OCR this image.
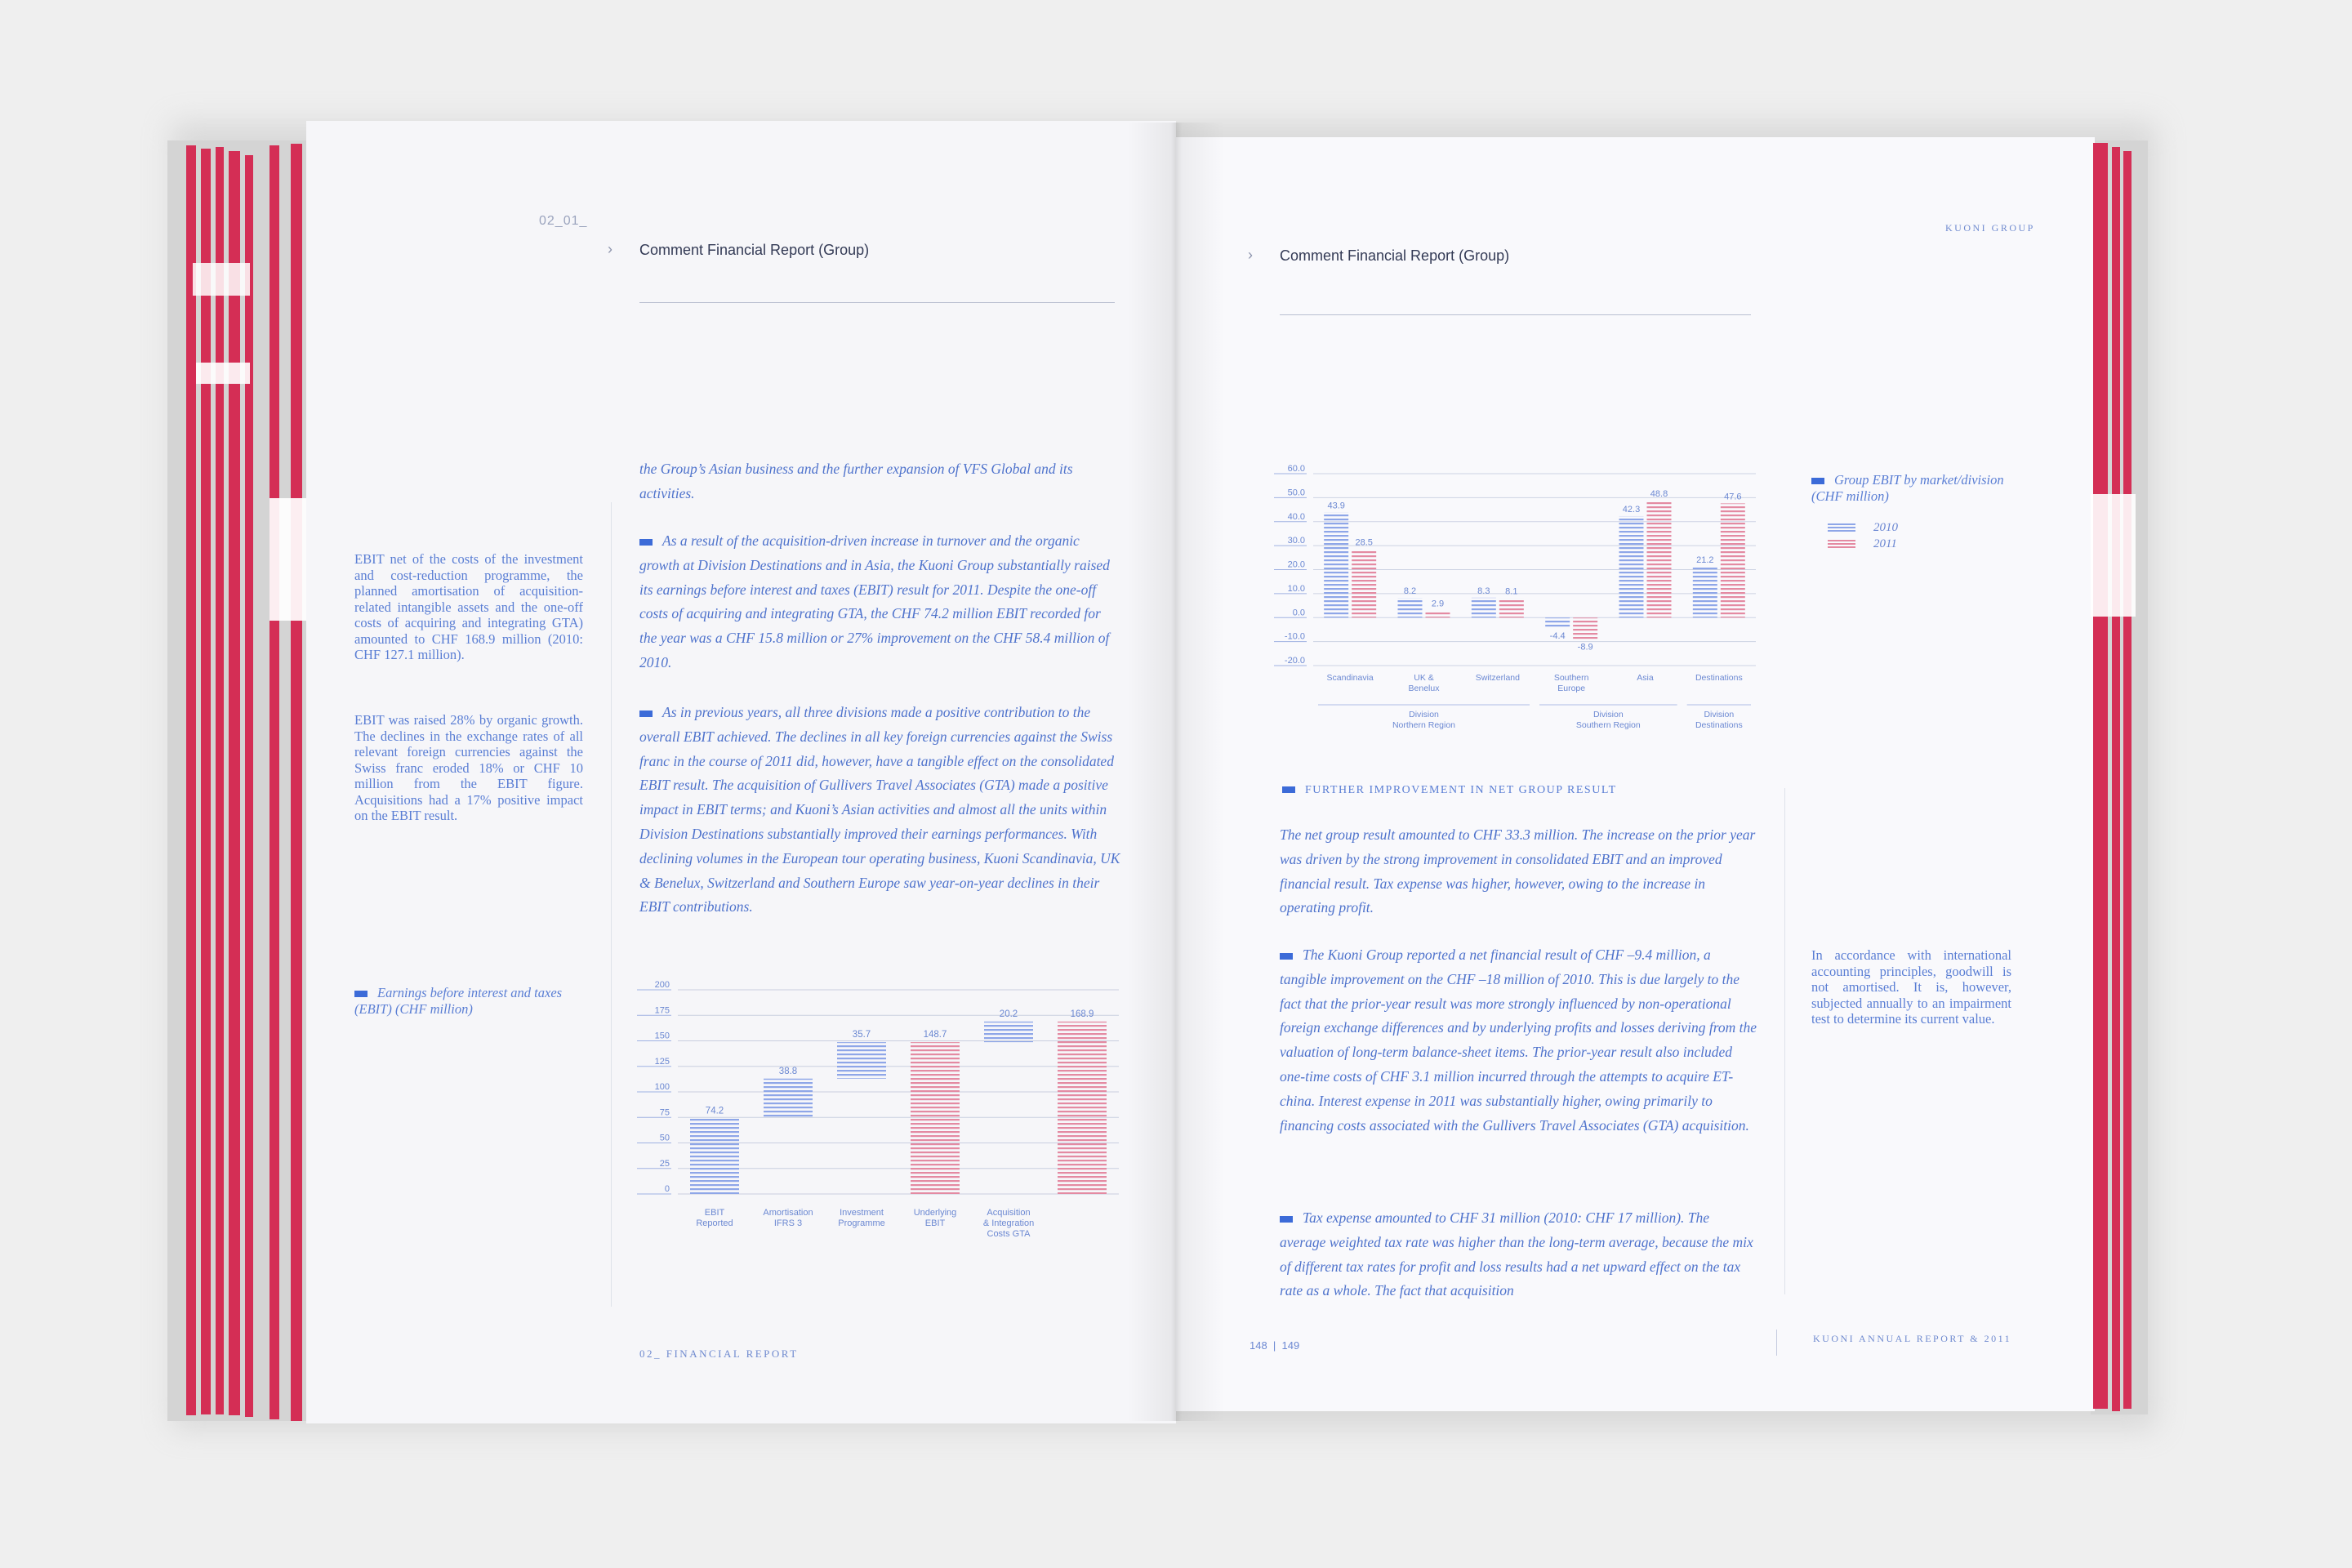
02_01_
› Comment Financial Report (Group)
EBIT net of the costs of the investment and cost-reduction programme, the planned amortisation of acquisition-related intangible assets and the one-off costs of acquiring and integrating GTA) amounted to CHF 168.9 million (2010: CHF 127.1 million).
EBIT was raised 28% by organic growth. The declines in the exchange rates of all relevant foreign currencies against the Swiss franc eroded 18% or CHF 10 million from the EBIT figure. Acquisitions had a 17% positive impact on the EBIT result.
Earnings before interest and taxes (EBIT) (CHF million)
the Group’s Asian business and the further expansion of VFS Global and its activities.
As a result of the acquisition-driven increase in turnover and the organic growth at Division Destinations and in Asia, the Kuoni Group substantially raised its earnings before interest and taxes (EBIT) result for 2011. Despite the one-off costs of acquiring and integrating GTA, the CHF 74.2 million EBIT recorded for the year was a CHF 15.8 million or 27% improvement on the CHF 58.4 million of 2010.
As in previous years, all three divisions made a positive contribution to the overall EBIT achieved. The declines in all key foreign currencies against the Swiss franc in the course of 2011 did, however, have a tangible effect on the consolidated EBIT result. The acquisition of Gullivers Travel Associates (GTA) made a positive impact in EBIT terms; and Kuoni’s Asian activities and almost all the units within Division Destinations substantially improved their earnings performances. With declining volumes in the European tour operating business, Kuoni Scandinavia, UK & Benelux, Switzerland and Southern Europe saw year-on-year declines in their EBIT contributions.
200
175
150
125
100
75
50
25
0
74.2
38.8
35.7	148.7
20.2	168.9
EBIT
Reported
Amortisation
IFRS 3
Investment
Programme
Underlying
EBIT
Acquisition
& Integration
Costs GTA
02_ FINANCIAL REPORT
KUONI GROUP
› Comment Financial Report (Group)
60.0
50.0
40.0
30.0
20.0
10.0
0.0
-10.0
-20.0
43.9
28.5
8.2
2.9
8.3 8.1
-4.4
-8.9
42.3
48.8
21.2
47.6
Scandinavia	UK &
Benelux
Switzerland	Southern
Europe
Asia	Destinations
Division
Northern Region
Division
Southern Region
Division
Destinations
Group EBIT by market/division (CHF million)
2010
2011
FURTHER IMPROVEMENT IN NET GROUP RESULT
The net group result amounted to CHF 33.3 million. The increase on the prior year was driven by the strong improvement in consolidated EBIT and an improved financial result. Tax expense was higher, however, owing to the increase in operating profit.
The Kuoni Group reported a net financial result of CHF –9.4 million, a tangible improvement on the CHF –18 million of 2010. This is due largely to the fact that the prior-year result was more strongly influenced by non-operational foreign exchange differences and by underlying profits and losses deriving from the valuation of long-term balance-sheet items. The prior-year result also included one-time costs of CHF 3.1 million incurred through the attempts to acquire ET-china. Interest expense in 2011 was substantially higher, owing primarily to financing costs associated with the Gullivers Travel Associates (GTA) acquisition.
Tax expense amounted to CHF 31 million (2010: CHF 17 million). The average weighted tax rate was higher than the long-term average, because the mix of different tax rates for profit and loss results had a net upward effect on the tax rate as a whole. The fact that acquisition
In accordance with international accounting principles, goodwill is not amortised. It is, however, subjected annually to an impairment test to determine its current value.
148  |  149
KUONI ANNUAL REPORT & 2011
